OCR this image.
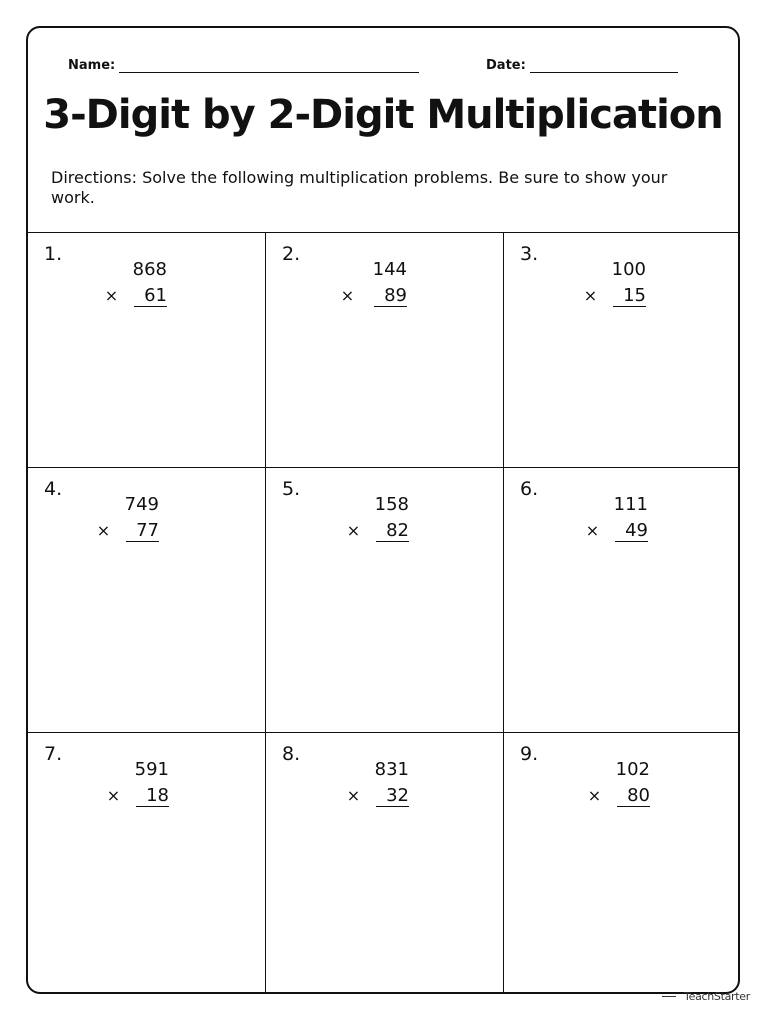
Name:	Date:
3-Digit by 2-Digit Multiplication
Directions: Solve the following multiplication problems. Be sure to show your work.
1.
868
×	61
2.
144
×	89
3.
100
×	15
4.
749
×	77
5.
158
×	82
6.
111
×	49
7.
591
×	18
8.
831
×	32
9.
102
×	80
TeachStarter
